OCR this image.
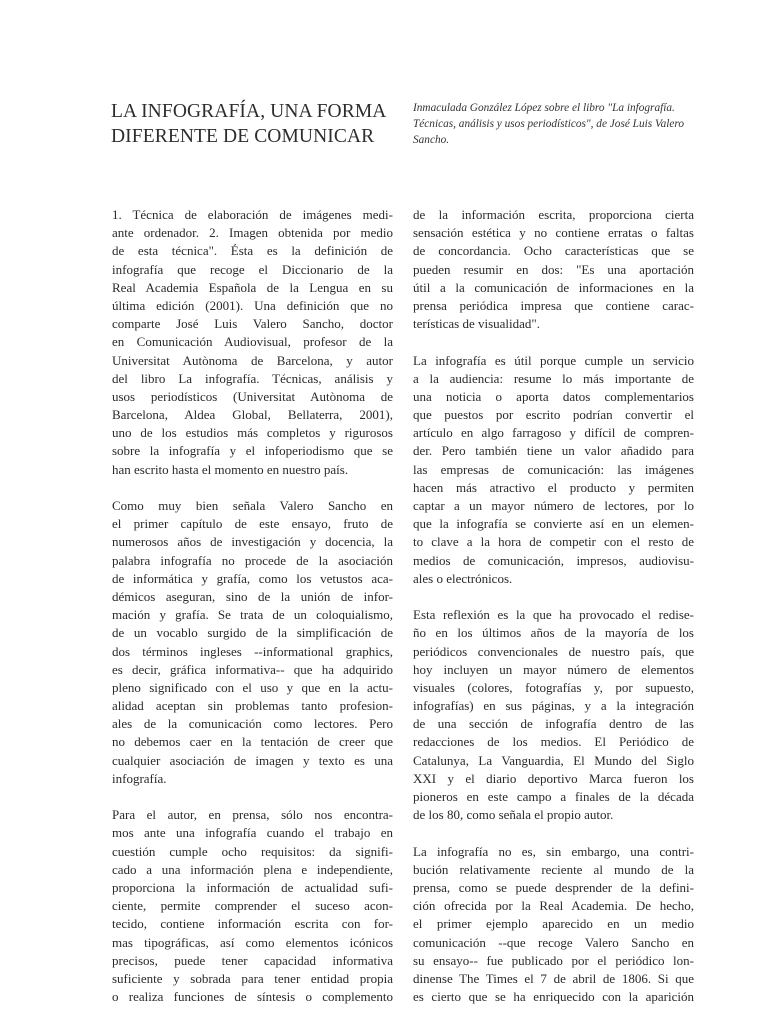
LA INFOGRAFÍA, UNA FORMA
DIFERENTE DE COMUNICAR

Inmaculada González López sobre el libro "La infografía. Técnicas, análisis y usos periodísticos", de José Luis Valero Sancho.

1. Técnica de elaboración de imágenes medi-
ante ordenador. 2. Imagen obtenida por medio
de esta técnica". Ésta es la definición de
infografía que recoge el Diccionario de la
Real Academia Española de la Lengua en su
última edición (2001). Una definición que no
comparte José Luis Valero Sancho, doctor
en Comunicación Audiovisual, profesor de la
Universitat Autònoma de Barcelona, y autor
del libro La infografía. Técnicas, análisis y
usos periodísticos (Universitat Autònoma de
Barcelona, Aldea Global, Bellaterra, 2001),
uno de los estudios más completos y rigurosos
sobre la infografía y el infoperiodismo que se
han escrito hasta el momento en nuestro país.
Como muy bien señala Valero Sancho en
el primer capítulo de este ensayo, fruto de
numerosos años de investigación y docencia, la
palabra infografía no procede de la asociación
de informática y grafía, como los vetustos aca-
démicos aseguran, sino de la unión de infor-
mación y grafía. Se trata de un coloquialismo,
de un vocablo surgido de la simplificación de
dos términos ingleses --informational graphics,
es decir, gráfica informativa-- que ha adquirido
pleno significado con el uso y que en la actu-
alidad aceptan sin problemas tanto profesion-
ales de la comunicación como lectores. Pero
no debemos caer en la tentación de creer que
cualquier asociación de imagen y texto es una
infografía.
Para el autor, en prensa, sólo nos encontra-
mos ante una infografía cuando el trabajo en
cuestión cumple ocho requisitos: da signifi-
cado a una información plena e independiente,
proporciona la información de actualidad sufi-
ciente, permite comprender el suceso acon-
tecido, contiene información escrita con for-
mas tipográficas, así como elementos icónicos
precisos, puede tener capacidad informativa
suficiente y sobrada para tener entidad propia
o realiza funciones de síntesis o complemento
de la información escrita, proporciona cierta
sensación estética y no contiene erratas o faltas
de concordancia. Ocho características que se
pueden resumir en dos: "Es una aportación
útil a la comunicación de informaciones en la
prensa periódica impresa que contiene carac-
terísticas de visualidad".
La infografía es útil porque cumple un servicio
a la audiencia: resume lo más importante de
una noticia o aporta datos complementarios
que puestos por escrito podrían convertir el
artículo en algo farragoso y difícil de compren-
der. Pero también tiene un valor añadido para
las empresas de comunicación: las imágenes
hacen más atractivo el producto y permiten
captar a un mayor número de lectores, por lo
que la infografía se convierte así en un elemen-
to clave a la hora de competir con el resto de
medios de comunicación, impresos, audiovisu-
ales o electrónicos.
Esta reflexión es la que ha provocado el redise-
ño en los últimos años de la mayoría de los
periódicos convencionales de nuestro país, que
hoy incluyen un mayor número de elementos
visuales (colores, fotografías y, por supuesto,
infografías) en sus páginas, y a la integración
de una sección de infografía dentro de las
redacciones de los medios. El Periódico de
Catalunya, La Vanguardia, El Mundo del Siglo
XXI y el diario deportivo Marca fueron los
pioneros en este campo a finales de la década
de los 80, como señala el propio autor.
La infografía no es, sin embargo, una contri-
bución relativamente reciente al mundo de la
prensa, como se puede desprender de la defini-
ción ofrecida por la Real Academia. De hecho,
el primer ejemplo aparecido en un medio
comunicación --que recoge Valero Sancho en
su ensayo-- fue publicado por el periódico lon-
dinense The Times el 7 de abril de 1806. Si que
es cierto que se ha enriquecido con la aparición
